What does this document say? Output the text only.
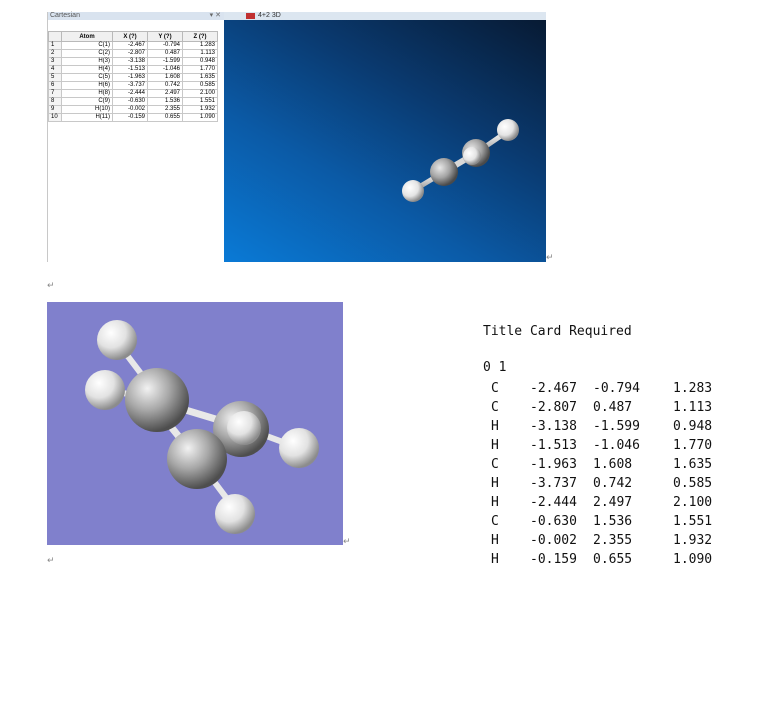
Cartesian	▾ ✕
	Atom	X (?)	Y (?)	Z (?)
1	C(1)	-2.467	-0.794	1.283
2	C(2)	-2.807	0.487	1.113
3	H(3)	-3.138	-1.599	0.948
4	H(4)	-1.513	-1.046	1.770
5	C(5)	-1.963	1.608	1.635
6	H(6)	-3.737	0.742	0.585
7	H(8)	-2.444	2.497	2.100
8	C(9)	-0.630	1.536	1.551
9	H(10)	-0.002	2.355	1.932
10	H(11)	-0.159	0.655	1.090
4+2 3D
↵
↵
↵
↵
Title Card Required
0 1
C -2.467 -0.794	1.283
C -2.807 0.487	1.113
H -3.138 -1.599	0.948
H -1.513 -1.046	1.770
C -1.963 1.608	1.635
H -3.737 0.742	0.585
H -2.444 2.497	2.100
C -0.630 1.536	1.551
H -0.002 2.355	1.932
H -0.159 0.655	1.090
